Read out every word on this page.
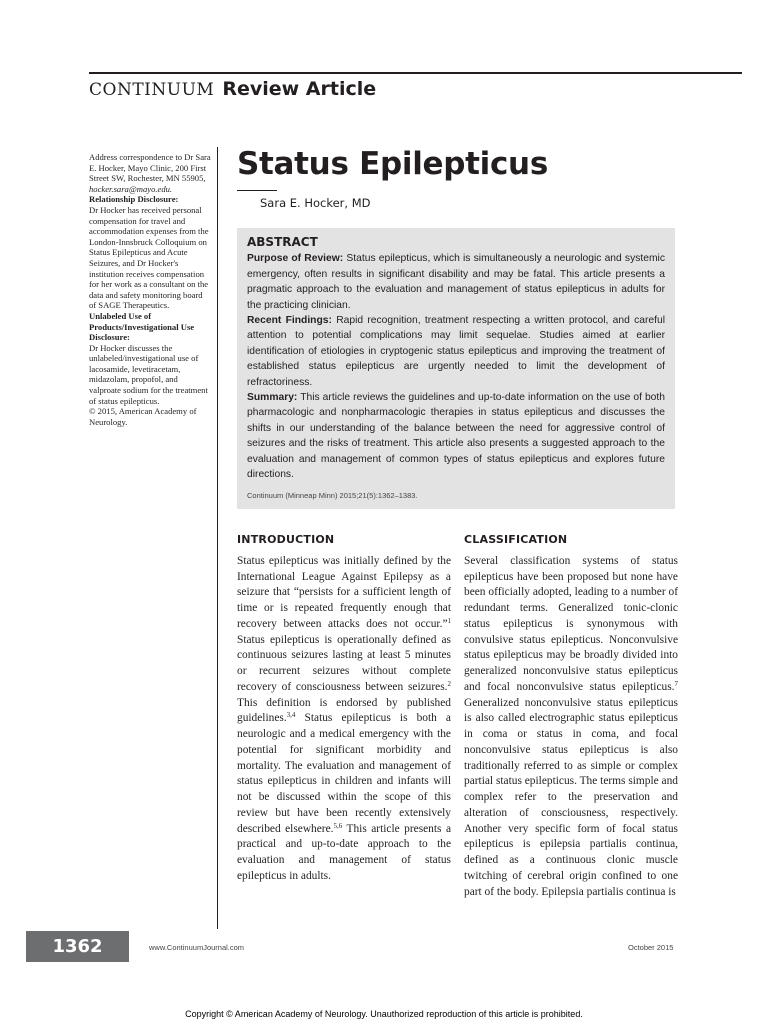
CONTINUUM Review Article
Address correspondence to Dr Sara E. Hocker, Mayo Clinic, 200 First Street SW, Rochester, MN 55905,
hocker.sara@mayo.edu.
Relationship Disclosure:
Dr Hocker has received personal compensation for travel and accommodation expenses from the London-Innsbruck Colloquium on Status Epilepticus and Acute Seizures, and Dr Hocker's institution receives compensation for her work as a consultant on the data and safety monitoring board of SAGE Therapeutics.
Unlabeled Use of Products/Investigational Use Disclosure:
Dr Hocker discusses the unlabeled/investigational use of lacosamide, levetiracetam, midazolam, propofol, and valproate sodium for the treatment of status epilepticus.
© 2015, American Academy of Neurology.
Status Epilepticus
Sara E. Hocker, MD
ABSTRACT

Purpose of Review: Status epilepticus, which is simultaneously a neurologic and systemic emergency, often results in significant disability and may be fatal. This article presents a pragmatic approach to the evaluation and management of status epilepticus in adults for the practicing clinician.

Recent Findings: Rapid recognition, treatment respecting a written protocol, and careful attention to potential complications may limit sequelae. Studies aimed at earlier identification of etiologies in cryptogenic status epilepticus and improving the treatment of established status epilepticus are urgently needed to limit the development of refractoriness.

Summary: This article reviews the guidelines and up-to-date information on the use of both pharmacologic and nonpharmacologic therapies in status epilepticus and discusses the shifts in our understanding of the balance between the need for aggressive control of seizures and the risks of treatment. This article also presents a suggested approach to the evaluation and management of common types of status epilepticus and explores future directions.

Continuum (Minneap Minn) 2015;21(5):1362–1383.
INTRODUCTION

Status epilepticus was initially defined by the International League Against Epilepsy as a seizure that “persists for a sufficient length of time or is repeated frequently enough that recovery between attacks does not occur.”$^1$ Status epilepticus is operationally defined as continuous seizures lasting at least 5 minutes or recurrent seizures without complete recovery of consciousness between seizures.$^2$ This definition is endorsed by published guidelines.$^{3,4}$ Status epilepticus is both a neurologic and a medical emergency with the potential for significant morbidity and mortality. The evaluation and management of status epilepticus in children and infants will not be discussed within the scope of this review but have been recently extensively described elsewhere.$^{5,6}$ This article presents a practical and up-to-date approach to the evaluation and management of status epilepticus in adults.

CLASSIFICATION

Several classification systems of status epilepticus have been proposed but none have been officially adopted, leading to a number of redundant terms. Generalized tonic-clonic status epilepticus is synonymous with convulsive status epilepticus. Nonconvulsive status epilepticus may be broadly divided into generalized nonconvulsive status epilepticus and focal nonconvulsive status epilepticus.$^7$ Generalized nonconvulsive status epilepticus is also called electrographic status epilepticus in coma or status in coma, and focal nonconvulsive status epilepticus is also traditionally referred to as simple or complex partial status epilepticus. The terms simple and complex refer to the preservation and alteration of consciousness, respectively. Another very specific form of focal status epilepticus is epilepsia partialis continua, defined as a continuous clonic muscle twitching of cerebral origin confined to one part of the body. Epilepsia partialis continua is

1362	www.ContinuumJournal.com	October 2015
Copyright © American Academy of Neurology. Unauthorized reproduction of this article is prohibited.
